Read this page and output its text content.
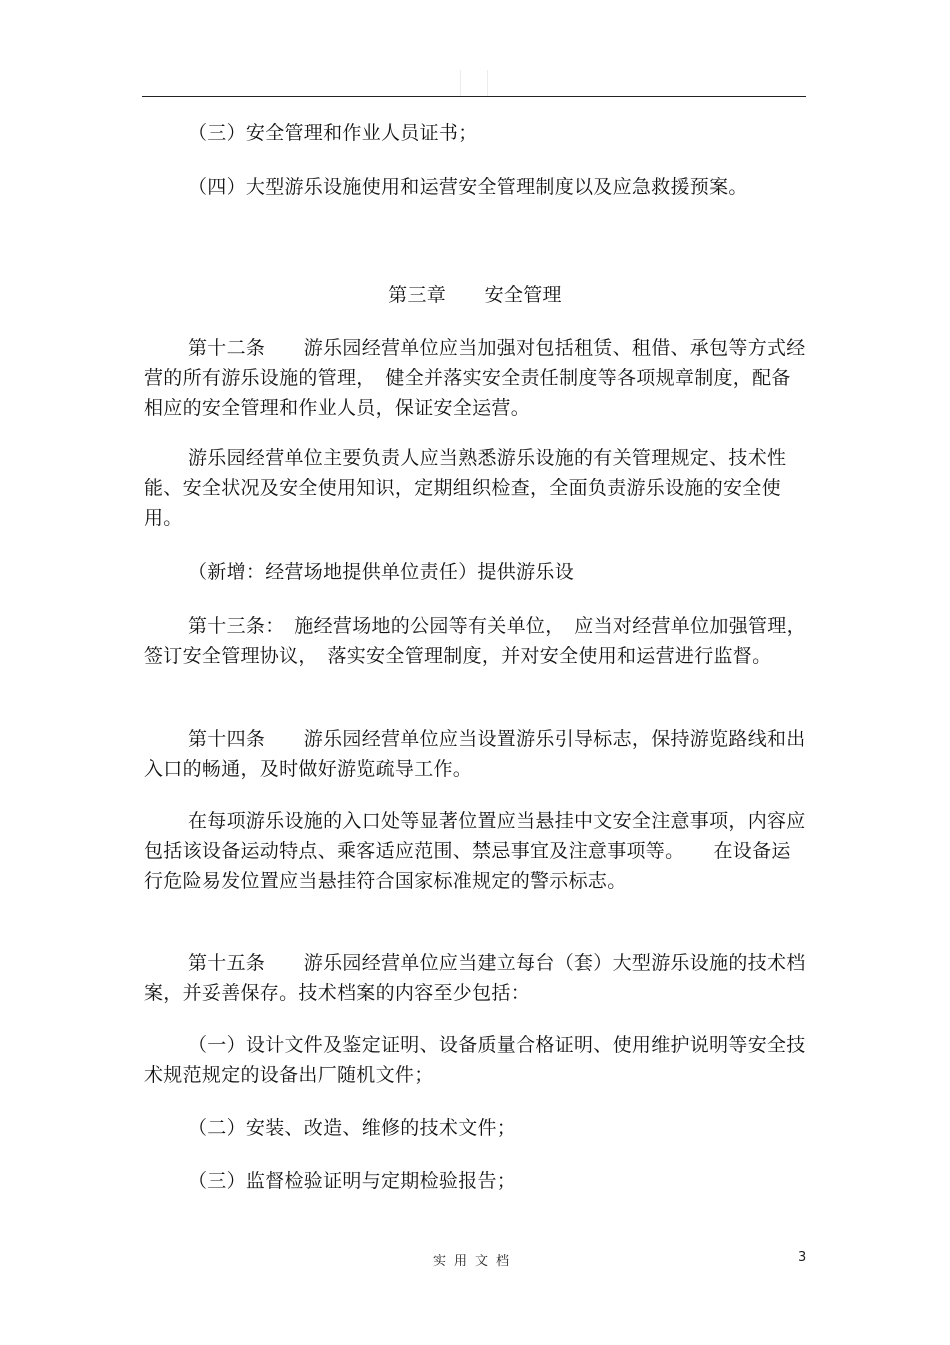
（三）安全管理和作业人员证书；

（四）大型游乐设施使用和运营安全管理制度以及应急救援预案。

第三章　　安全管理

第十二条　　游乐园经营单位应当加强对包括租赁、租借、承包等方式经营的所有游乐设施的管理，　健全并落实安全责任制度等各项规章制度，配备相应的安全管理和作业人员，保证安全运营。

游乐园经营单位主要负责人应当熟悉游乐设施的有关管理规定、技术性能、安全状况及安全使用知识，定期组织检查，全面负责游乐设施的安全使用。

（新增：经营场地提供单位责任）提供游乐设

第十三条：　施经营场地的公园等有关单位，　应当对经营单位加强管理，签订安全管理协议，　落实安全管理制度，并对安全使用和运营进行监督。

第十四条　　游乐园经营单位应当设置游乐引导标志，保持游览路线和出入口的畅通，及时做好游览疏导工作。

在每项游乐设施的入口处等显著位置应当悬挂中文安全注意事项，内容应包括该设备运动特点、乘客适应范围、禁忌事宜及注意事项等。　　在设备运行危险易发位置应当悬挂符合国家标准规定的警示标志。

第十五条　　游乐园经营单位应当建立每台（套）大型游乐设施的技术档案，并妥善保存。技术档案的内容至少包括：

（一）设计文件及鉴定证明、设备质量合格证明、使用维护说明等安全技术规范规定的设备出厂随机文件；

（二）安装、改造、维修的技术文件；

（三）监督检验证明与定期检验报告；

实用文档	3
